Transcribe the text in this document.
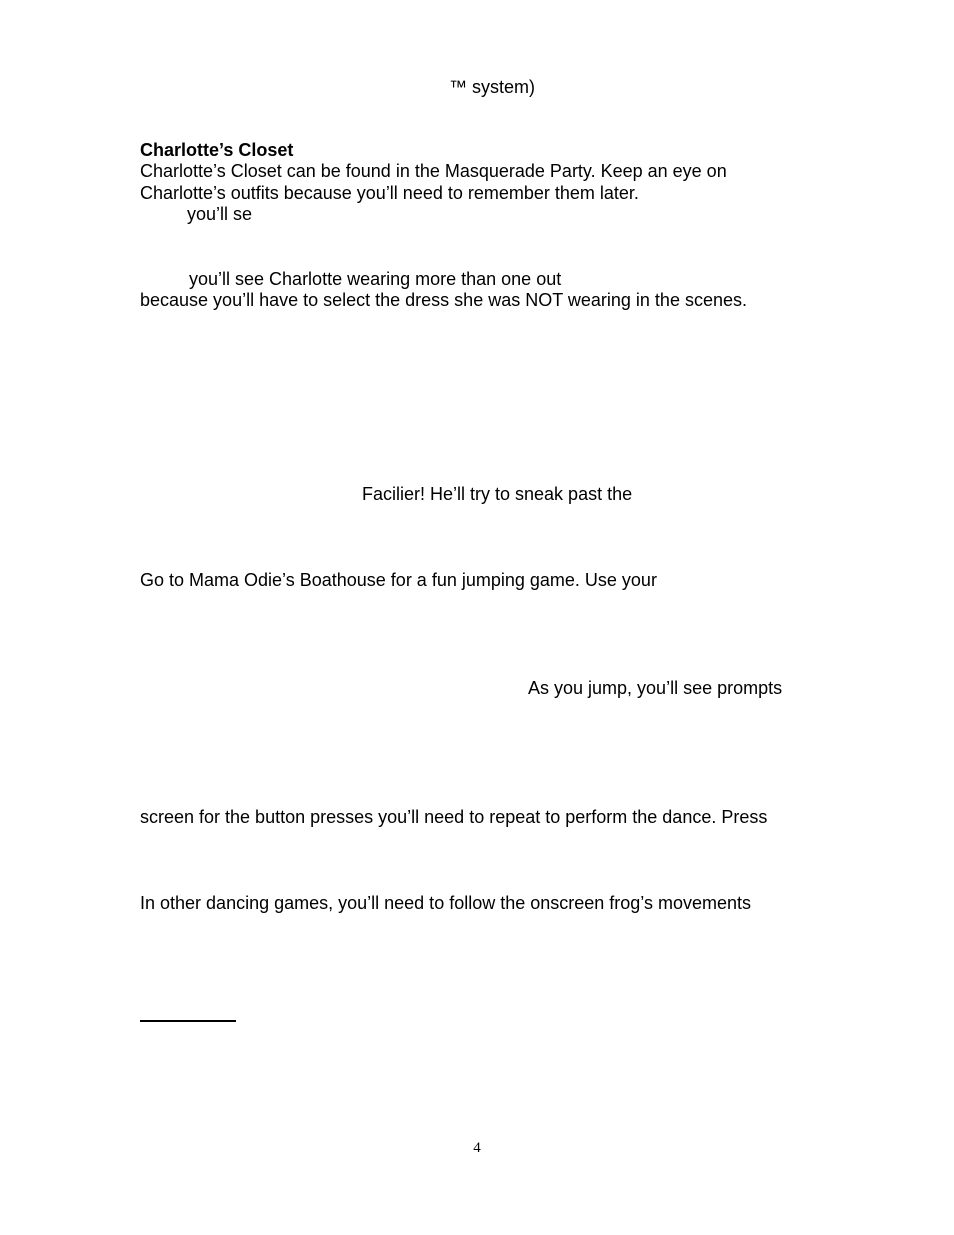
™ system)
Charlotte’s Closet
Charlotte’s Closet can be found in the Masquerade Party. Keep an eye on
Charlotte’s outfits because you’ll need to remember them later.
you’ll se
you’ll see Charlotte wearing more than one out
because you’ll have to select the dress she was NOT wearing in the scenes.
Facilier! He’ll try to sneak past the
Go to Mama Odie’s Boathouse for a fun jumping game. Use your
As you jump, you’ll see prompts
screen for the button presses you’ll need to repeat to perform the dance. Press
In other dancing games, you’ll need to follow the onscreen frog’s movements
4
